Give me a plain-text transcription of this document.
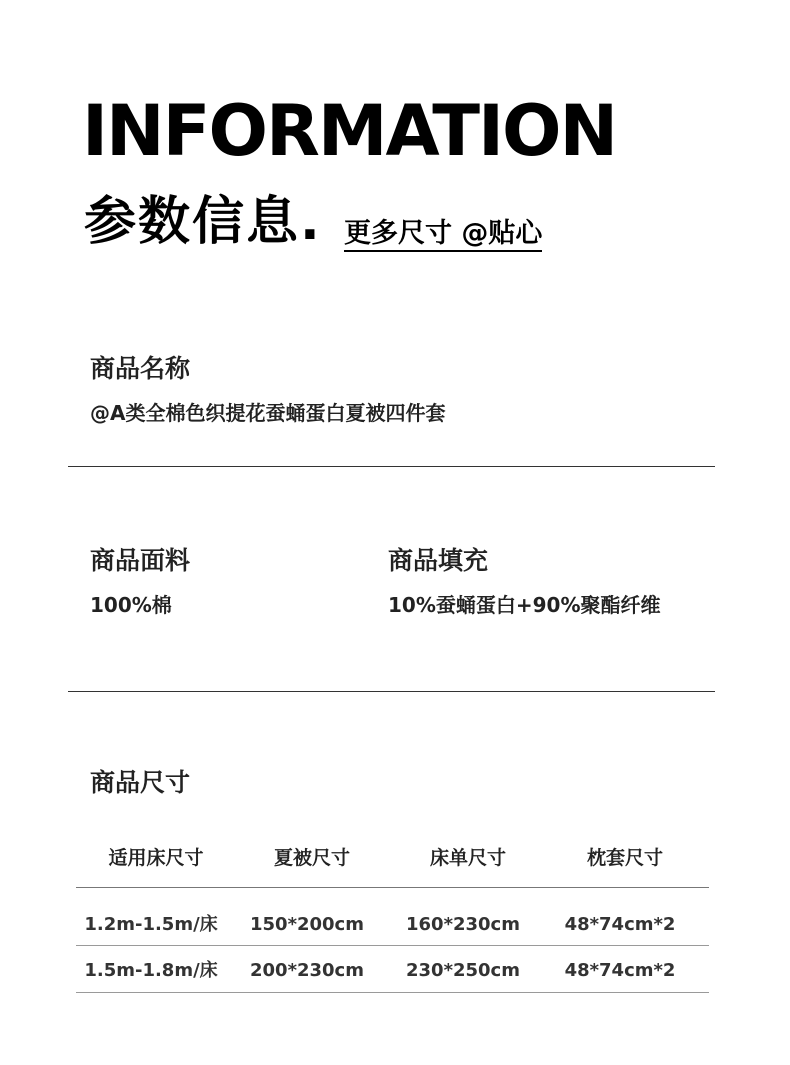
INFORMATION
参数信息. 更多尺寸 @贴心
商品名称
@A类全棉色织提花蚕蛹蛋白夏被四件套
商品面料
100%棉
商品填充
10%蚕蛹蛋白+90%聚酯纤维
商品尺寸
适用床尺寸	夏被尺寸	床单尺寸	枕套尺寸
1.2m-1.5m/床	150*200cm	160*230cm	48*74cm*2
1.5m-1.8m/床	200*230cm	230*250cm	48*74cm*2
